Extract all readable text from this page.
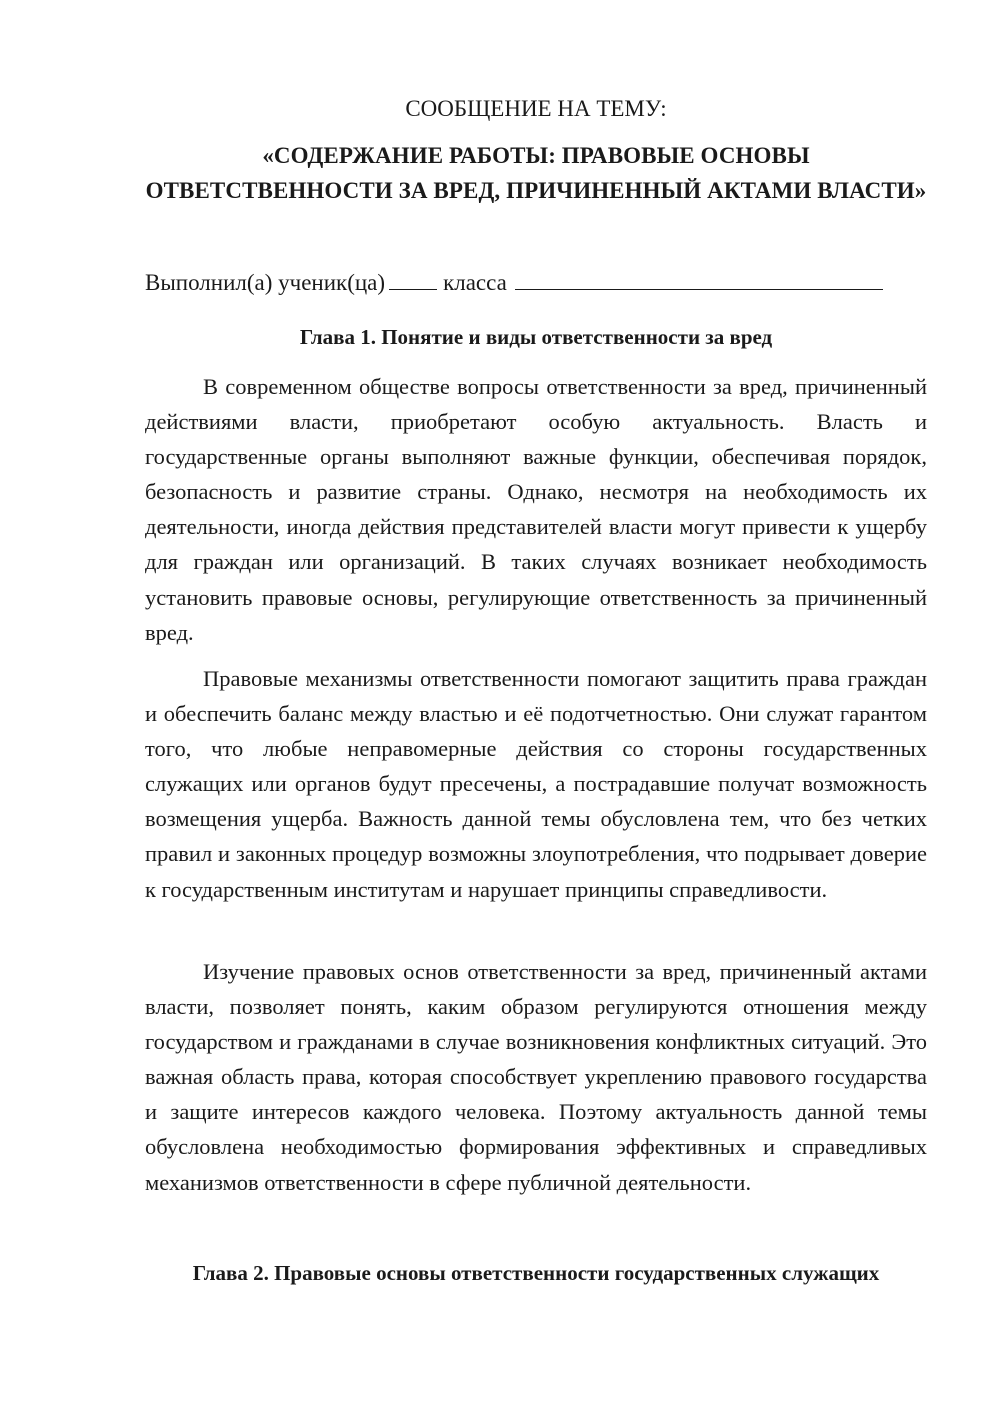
СООБЩЕНИЕ НА ТЕМУ:
«СОДЕРЖАНИЕ РАБОТЫ: ПРАВОВЫЕ ОСНОВЫ ОТВЕТСТВЕННОСТИ ЗА ВРЕД, ПРИЧИНЕННЫЙ АКТАМИ ВЛАСТИ»
Выполнил(а) ученик(ца)	класса
Глава 1. Понятие и виды ответственности за вред

В современном обществе вопросы ответственности за вред, причиненный действиями власти, приобретают особую актуальность. Власть и государственные органы выполняют важные функции, обеспечивая порядок, безопасность и развитие страны. Однако, несмотря на необходимость их деятельности, иногда действия представителей власти могут привести к ущербу для граждан или организаций. В таких случаях возникает необходимость установить правовые основы, регулирующие ответственность за причиненный вред.

Правовые механизмы ответственности помогают защитить права граждан и обеспечить баланс между властью и её подотчетностью. Они служат гарантом того, что любые неправомерные действия со стороны государственных служащих или органов будут пресечены, а пострадавшие получат возможность возмещения ущерба. Важность данной темы обусловлена тем, что без четких правил и законных процедур возможны злоупотребления, что подрывает доверие к государственным институтам и нарушает принципы справедливости.

Изучение правовых основ ответственности за вред, причиненный актами власти, позволяет понять, каким образом регулируются отношения между государством и гражданами в случае возникновения конфликтных ситуаций. Это важная область права, которая способствует укреплению правового государства и защите интересов каждого человека. Поэтому актуальность данной темы обусловлена необходимостью формирования эффективных и справедливых механизмов ответственности в сфере публичной деятельности.

Глава 2. Правовые основы ответственности государственных служащих
